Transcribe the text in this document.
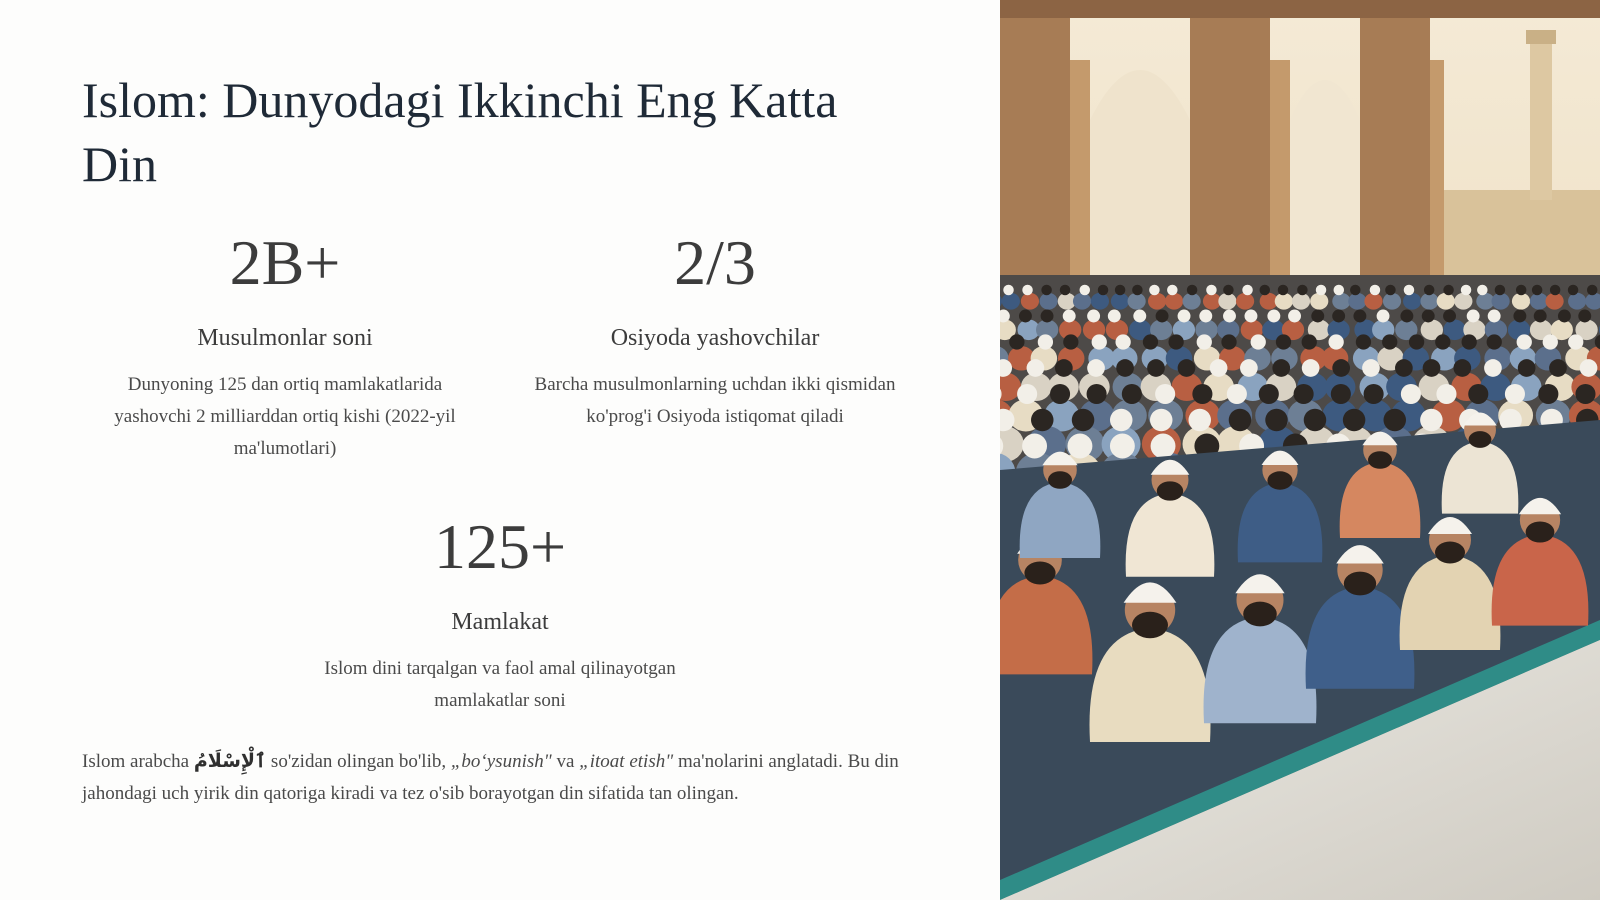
Islom: Dunyodagi Ikkinchi Eng Katta Din
2B+
Musulmonlar soni
Dunyoning 125 dan ortiq mamlakatlarida yashovchi 2 milliarddan ortiq kishi (2022-yil ma'lumotlari)
2/3
Osiyoda yashovchilar
Barcha musulmonlarning uchdan ikki qismidan ko'prog'i Osiyoda istiqomat qiladi
125+
Mamlakat
Islom dini tarqalgan va faol amal qilinayotgan mamlakatlar soni

Islom arabcha ٱلْإِسْلَامُ so'zidan olingan bo'lib, „bo‘ysunish" va „itoat etish" ma'nolarini anglatadi. Bu din jahondagi uch yirik din qatoriga kiradi va tez o'sib borayotgan din sifatida tan olingan.
